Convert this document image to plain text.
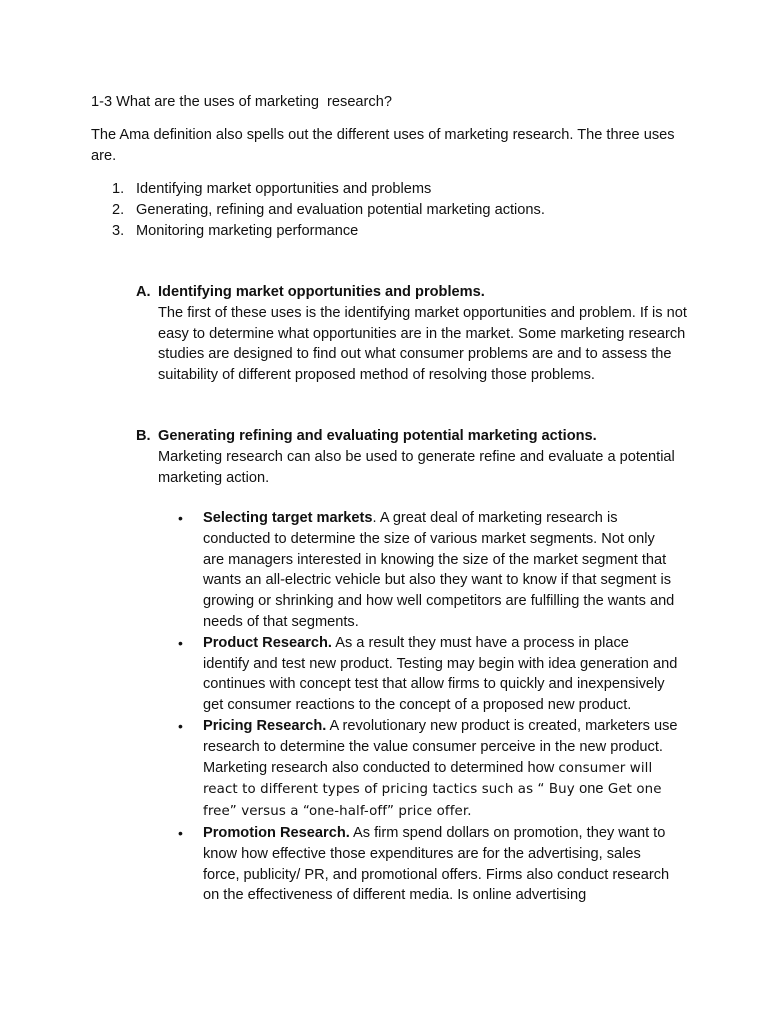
1-3 What are the uses of marketing  research?
The Ama definition also spells out the different uses of marketing research. The three uses are.
1. Identifying market opportunities and problems
2. Generating, refining and evaluation potential marketing actions.
3. Monitoring marketing performance
A. Identifying market opportunities and problems.
The first of these uses is the identifying market opportunities and problem. If is not easy to determine what opportunities are in the market. Some marketing research studies are designed to find out what consumer problems are and to assess the suitability of different proposed method of resolving those problems.
B. Generating refining and evaluating potential marketing actions.
Marketing research can also be used to generate refine and evaluate a potential marketing action.
•	Selecting target markets. A great deal of marketing research is conducted to determine the size of various market segments. Not only are managers interested in knowing the size of the market segment that wants an all-electric vehicle but also they want to know if that segment is growing or shrinking and how well competitors are fulfilling the wants and needs of that segments.
•	Product Research. As a result they must have a process in place identify and test new product. Testing may begin with idea generation and continues with concept test that allow firms to quickly and inexpensively get consumer reactions to the concept of a proposed new product.
•	Pricing Research. A revolutionary new product is created, marketers use research to determine the value consumer perceive in the new product. Marketing research also conducted to determined how consumer will react to different types of pricing tactics such as “ Buy one Get one free” versus a “one-half-off” price offer.
•	Promotion Research. As firm spend dollars on promotion, they want to know how effective those expenditures are for the advertising, sales force, publicity/ PR, and promotional offers. Firms also conduct research on the effectiveness of different media. Is online advertising
